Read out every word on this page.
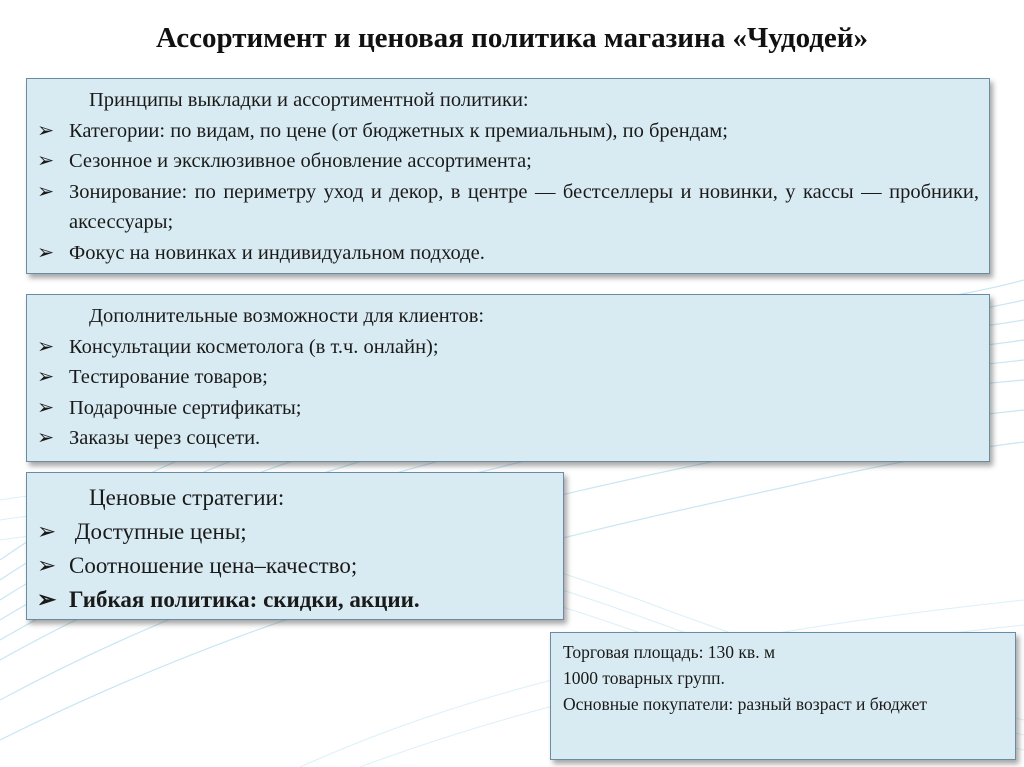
Ассортимент и ценовая политика магазина «Чудодей»
Принципы выкладки и ассортиментной политики:
➢ Категории: по видам, по цене (от бюджетных к премиальным), по брендам;
➢ Сезонное и эксклюзивное обновление ассортимента;
➢ Зонирование: по периметру уход и декор, в центре — бестселлеры и новинки, у кассы — пробники, аксессуары;
➢ Фокус на новинках и индивидуальном подходе.
Дополнительные возможности для клиентов:
➢ Консультации косметолога (в т.ч. онлайн);
➢ Тестирование товаров;
➢ Подарочные сертификаты;
➢ Заказы через соцсети.
Ценовые стратегии:
➢ Доступные цены;
➢ Соотношение цена–качество;
➢ Гибкая политика: скидки, акции.
Торговая площадь: 130 кв. м
1000 товарных групп.
Основные покупатели: разный возраст и бюджет
